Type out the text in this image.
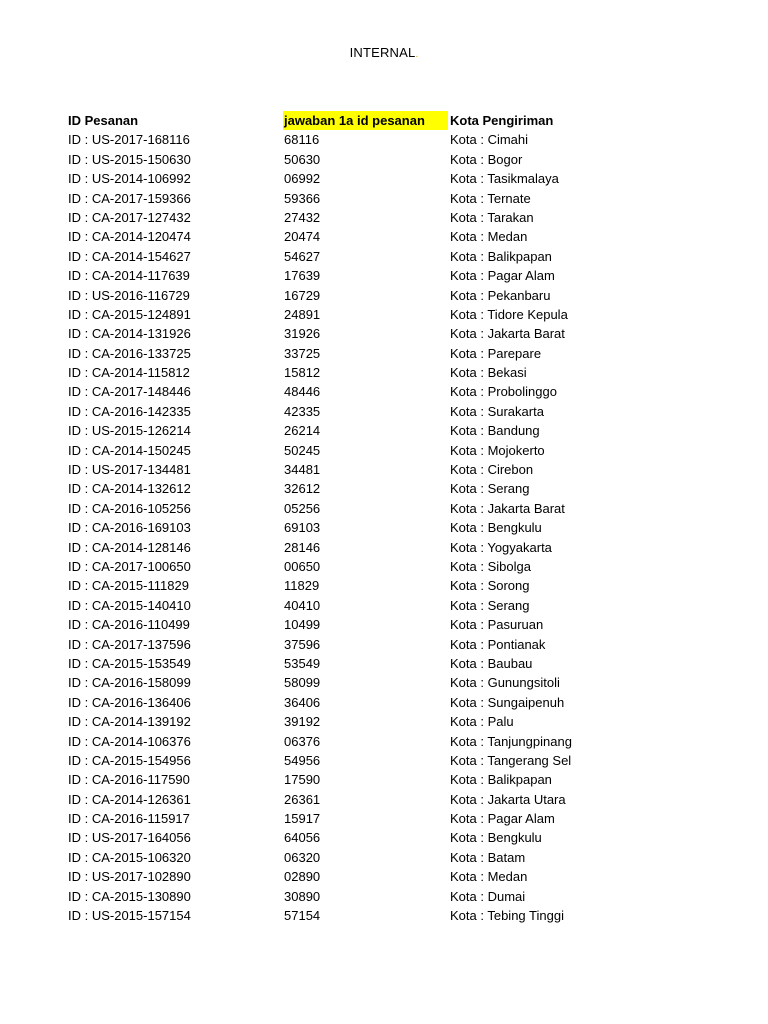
INTERNAL.
ID Pesanan	jawaban 1a id pesanan	Kota Pengiriman
ID : US-2017-168116	68116	Kota : Cimahi
ID : US-2015-150630	50630	Kota : Bogor
ID : US-2014-106992	06992	Kota : Tasikmalaya
ID : CA-2017-159366	59366	Kota : Ternate
ID : CA-2017-127432	27432	Kota : Tarakan
ID : CA-2014-120474	20474	Kota : Medan
ID : CA-2014-154627	54627	Kota : Balikpapan
ID : CA-2014-117639	17639	Kota : Pagar Alam
ID : US-2016-116729	16729	Kota : Pekanbaru
ID : CA-2015-124891	24891	Kota : Tidore Kepula
ID : CA-2014-131926	31926	Kota : Jakarta Barat
ID : CA-2016-133725	33725	Kota : Parepare
ID : CA-2014-115812	15812	Kota : Bekasi
ID : CA-2017-148446	48446	Kota : Probolinggo
ID : CA-2016-142335	42335	Kota : Surakarta
ID : US-2015-126214	26214	Kota : Bandung
ID : CA-2014-150245	50245	Kota : Mojokerto
ID : US-2017-134481	34481	Kota : Cirebon
ID : CA-2014-132612	32612	Kota : Serang
ID : CA-2016-105256	05256	Kota : Jakarta Barat
ID : CA-2016-169103	69103	Kota : Bengkulu
ID : CA-2014-128146	28146	Kota : Yogyakarta
ID : CA-2017-100650	00650	Kota : Sibolga
ID : CA-2015-111829	11829	Kota : Sorong
ID : CA-2015-140410	40410	Kota : Serang
ID : CA-2016-110499	10499	Kota : Pasuruan
ID : CA-2017-137596	37596	Kota : Pontianak
ID : CA-2015-153549	53549	Kota : Baubau
ID : CA-2016-158099	58099	Kota : Gunungsitoli
ID : CA-2016-136406	36406	Kota : Sungaipenuh
ID : CA-2014-139192	39192	Kota : Palu
ID : CA-2014-106376	06376	Kota : Tanjungpinang
ID : CA-2015-154956	54956	Kota : Tangerang Sel
ID : CA-2016-117590	17590	Kota : Balikpapan
ID : CA-2014-126361	26361	Kota : Jakarta Utara
ID : CA-2016-115917	15917	Kota : Pagar Alam
ID : US-2017-164056	64056	Kota : Bengkulu
ID : CA-2015-106320	06320	Kota : Batam
ID : US-2017-102890	02890	Kota : Medan
ID : CA-2015-130890	30890	Kota : Dumai
ID : US-2015-157154	57154	Kota : Tebing Tinggi
